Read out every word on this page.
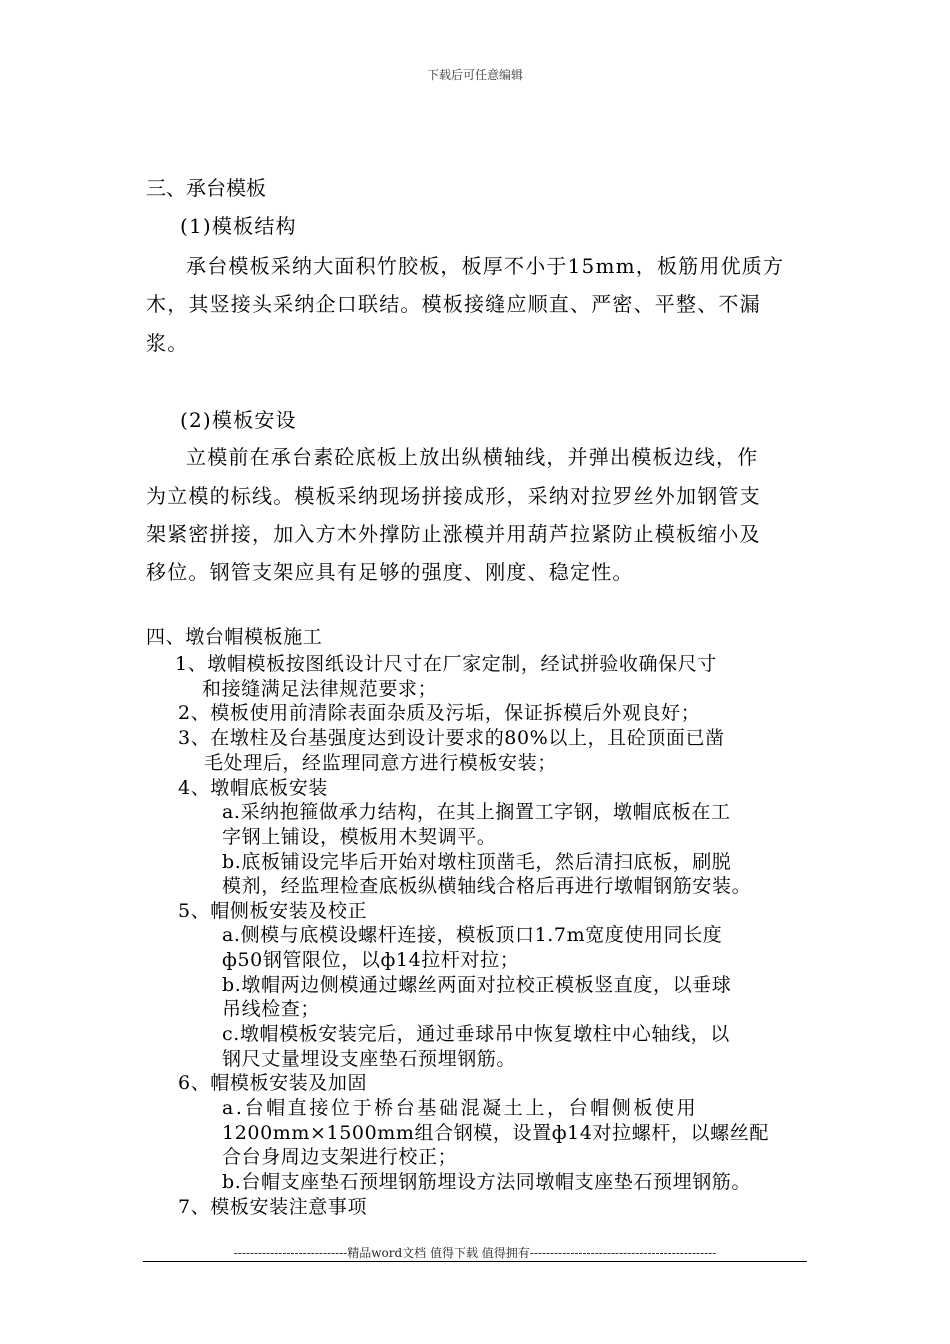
下载后可任意编辑
三、承台模板
(1)模板结构
承台模板采纳大面积竹胶板，板厚不小于15mm，板筋用优质方
木，其竖接头采纳企口联结。模板接缝应顺直、严密、平整、不漏
浆。
(2)模板安设
立模前在承台素砼底板上放出纵横轴线，并弹出模板边线，作
为立模的标线。模板采纳现场拼接成形，采纳对拉罗丝外加钢管支
架紧密拼接，加入方木外撑防止涨模并用葫芦拉紧防止模板缩小及
移位。钢管支架应具有足够的强度、刚度、稳定性。
四、墩台帽模板施工
1、墩帽模板按图纸设计尺寸在厂家定制，经试拼验收确保尺寸
和接缝满足法律规范要求；
2、模板使用前清除表面杂质及污垢，保证拆模后外观良好；
3、在墩柱及台基强度达到设计要求的80%以上，且砼顶面已凿
毛处理后，经监理同意方进行模板安装；
4、墩帽底板安装
a.采纳抱箍做承力结构，在其上搁置工字钢，墩帽底板在工
字钢上铺设，模板用木契调平。
b.底板铺设完毕后开始对墩柱顶凿毛，然后清扫底板，刷脱
模剂，经监理检查底板纵横轴线合格后再进行墩帽钢筋安装。
5、帽侧板安装及校正
a.侧模与底模设螺杆连接，模板顶口1.7m宽度使用同长度
ф50钢管限位，以ф14拉杆对拉；
b.墩帽两边侧模通过螺丝两面对拉校正模板竖直度，以垂球
吊线检查；
c.墩帽模板安装完后，通过垂球吊中恢复墩柱中心轴线，以
钢尺丈量埋设支座垫石预埋钢筋。
6、帽模板安装及加固
a.台帽直接位于桥台基础混凝土上，台帽侧板使用
1200mm×1500mm组合钢模，设置ф14对拉螺杆，以螺丝配
合台身周边支架进行校正；
b.台帽支座垫石预埋钢筋埋设方法同墩帽支座垫石预埋钢筋。
7、模板安装注意事项
----------------------------精品word文档 值得下载 值得拥有----------------------------------------------
